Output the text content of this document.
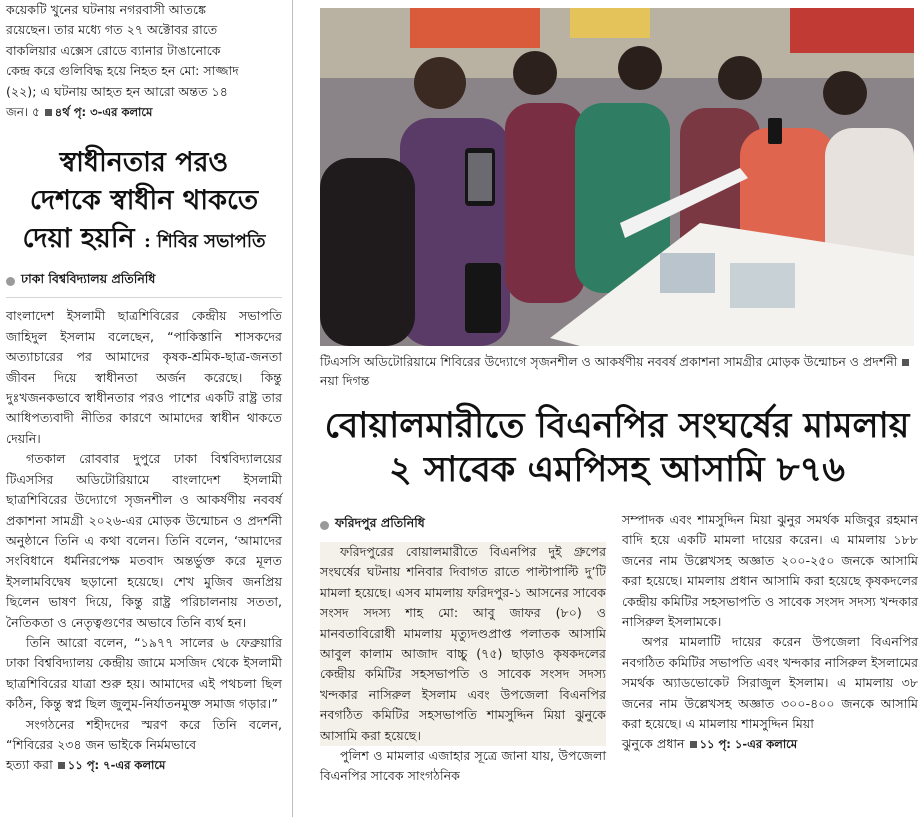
কয়েকটি খুনের ঘটনায় নগরবাসী আতঙ্কে

রয়েছেন। তার মধ্যে গত ২৭ অক্টোবর রাতে

বাকলিয়ার এক্সেস রোডে ব্যানার টাঙানোকে

কেন্দ্র করে গুলিবিদ্ধ হয়ে নিহত হন মো: সাজ্জাদ

(২২); এ ঘটনায় আহত হন আরো অন্তত ১৪

জন। ৫ ৪র্থ পৃ: ৩-এর কলামে

স্বাধীনতার পরও
দেশকে স্বাধীন থাকতে
দেয়া হয়নি : শিবির সভাপতি
ঢাকা বিশ্ববিদ্যালয় প্রতিনিধি

বাংলাদেশ ইসলামী ছাত্রশিবিরের কেন্দ্রীয় সভাপতি জাহিদুল ইসলাম বলেছেন, “পাকিস্তানি শাসকদের অত্যাচারের পর আমাদের কৃষক-শ্রমিক-ছাত্র-জনতা জীবন দিয়ে স্বাধীনতা অর্জন করেছে। কিন্তু দুঃখজনকভাবে স্বাধীনতার পরও পাশের একটি রাষ্ট্র তার আধিপত্যবাদী নীতির কারণে আমাদের স্বাধীন থাকতে দেয়নি।

গতকাল রোববার দুপুরে ঢাকা বিশ্ববিদ্যালয়ের টিএসসির অডিটোরিয়ামে বাংলাদেশ ইসলামী ছাত্রশিবিরের উদ্যোগে সৃজনশীল ও আকর্ষণীয় নববর্ষ প্রকাশনা সামগ্রী ২০২৬-এর মোড়ক উন্মোচন ও প্রদর্শনী অনুষ্ঠানে তিনি এ কথা বলেন। তিনি বলেন, ‘আমাদের সংবিধানে ধর্মনিরপেক্ষ মতবাদ অন্তর্ভুক্ত করে মূলত ইসলামবিদ্বেষ ছড়ানো হয়েছে। শেখ মুজিব জনপ্রিয় ছিলেন ভাষণ দিয়ে, কিন্তু রাষ্ট্র পরিচালনায় সততা, নৈতিকতা ও নেতৃত্বগুণের অভাবে তিনি ব্যর্থ হন।

তিনি আরো বলেন, “১৯৭৭ সালের ৬ ফেব্রুয়ারি ঢাকা বিশ্ববিদ্যালয় কেন্দ্রীয় জামে মসজিদ থেকে ইসলামী ছাত্রশিবিরের যাত্রা শুরু হয়। আমাদের এই পথচলা ছিল কঠিন, কিন্তু স্বপ্ন ছিল জুলুম-নির্যাতনমুক্ত সমাজ গড়ার।”

সংগঠনের শহীদদের স্মরণ করে তিনি বলেন, “শিবিরের ২৩৪ জন ভাইকে নির্মমভাবে

হত্যা করা ১১ পৃ: ৭-এর কলামে

টিএসসি অডিটোরিয়ামে শিবিরের উদ্যোগে সৃজনশীল ও আকর্ষণীয় নববর্ষ প্রকাশনা সামগ্রীর মোড়ক উন্মোচন ও প্রদর্শনীনয়া দিগন্ত
বোয়ালমারীতে বিএনপির সংঘর্ষের মামলায়
২ সাবেক এমপিসহ আসামি ৮৭৬
ফরিদপুর প্রতিনিধি

ফরিদপুরের বোয়ালমারীতে বিএনপির দুই গ্রুপের সংঘর্ষের ঘটনায় শনিবার দিবাগত রাতে পাল্টাপাল্টি দু’টি মামলা হয়েছে। এসব মামলায় ফরিদপুর-১ আসনের সাবেক সংসদ সদস্য শাহ মো: আবু জাফর (৮০) ও মানবতাবিরোধী মামলায় মৃত্যুদণ্ডপ্রাপ্ত পলাতক আসামি আবুল কালাম আজাদ বাচ্চু (৭৫) ছাড়াও কৃষকদলের কেন্দ্রীয় কমিটির সহসভাপতি ও সাবেক সংসদ সদস্য খন্দকার নাসিরুল ইসলাম এবং উপজেলা বিএনপির নবগঠিত কমিটির সহসভাপতি শামসুদ্দিন মিয়া ঝুনুকে আসামি করা হয়েছে।

পুলিশ ও মামলার এজাহার সূত্রে জানা যায়, উপজেলা বিএনপির সাবেক সাংগঠনিক

সম্পাদক এবং শামসুদ্দিন মিয়া ঝুনুর সমর্থক মজিবুর রহমান বাদি হয়ে একটি মামলা দায়ের করেন। এ মামলায় ১৮৮ জনের নাম উল্লেখসহ অজ্ঞাত ২০০-২৫০ জনকে আসামি করা হয়েছে। মামলায় প্রধান আসামি করা হয়েছে কৃষকদলের কেন্দ্রীয় কমিটির সহসভাপতি ও সাবেক সংসদ সদস্য খন্দকার নাসিরুল ইসলামকে।

অপর মামলাটি দায়ের করেন উপজেলা বিএনপির নবগঠিত কমিটির সভাপতি এবং খন্দকার নাসিরুল ইসলামের সমর্থক অ্যাডভোকেট সিরাজুল ইসলাম। এ মামলায় ৩৮ জনের নাম উল্লেখসহ অজ্ঞাত ৩০০-৪০০ জনকে আসামি করা হয়েছে। এ মামলায় শামসুদ্দিন মিয়া

ঝুনুকে প্রধান ১১ পৃ: ১-এর কলামে
